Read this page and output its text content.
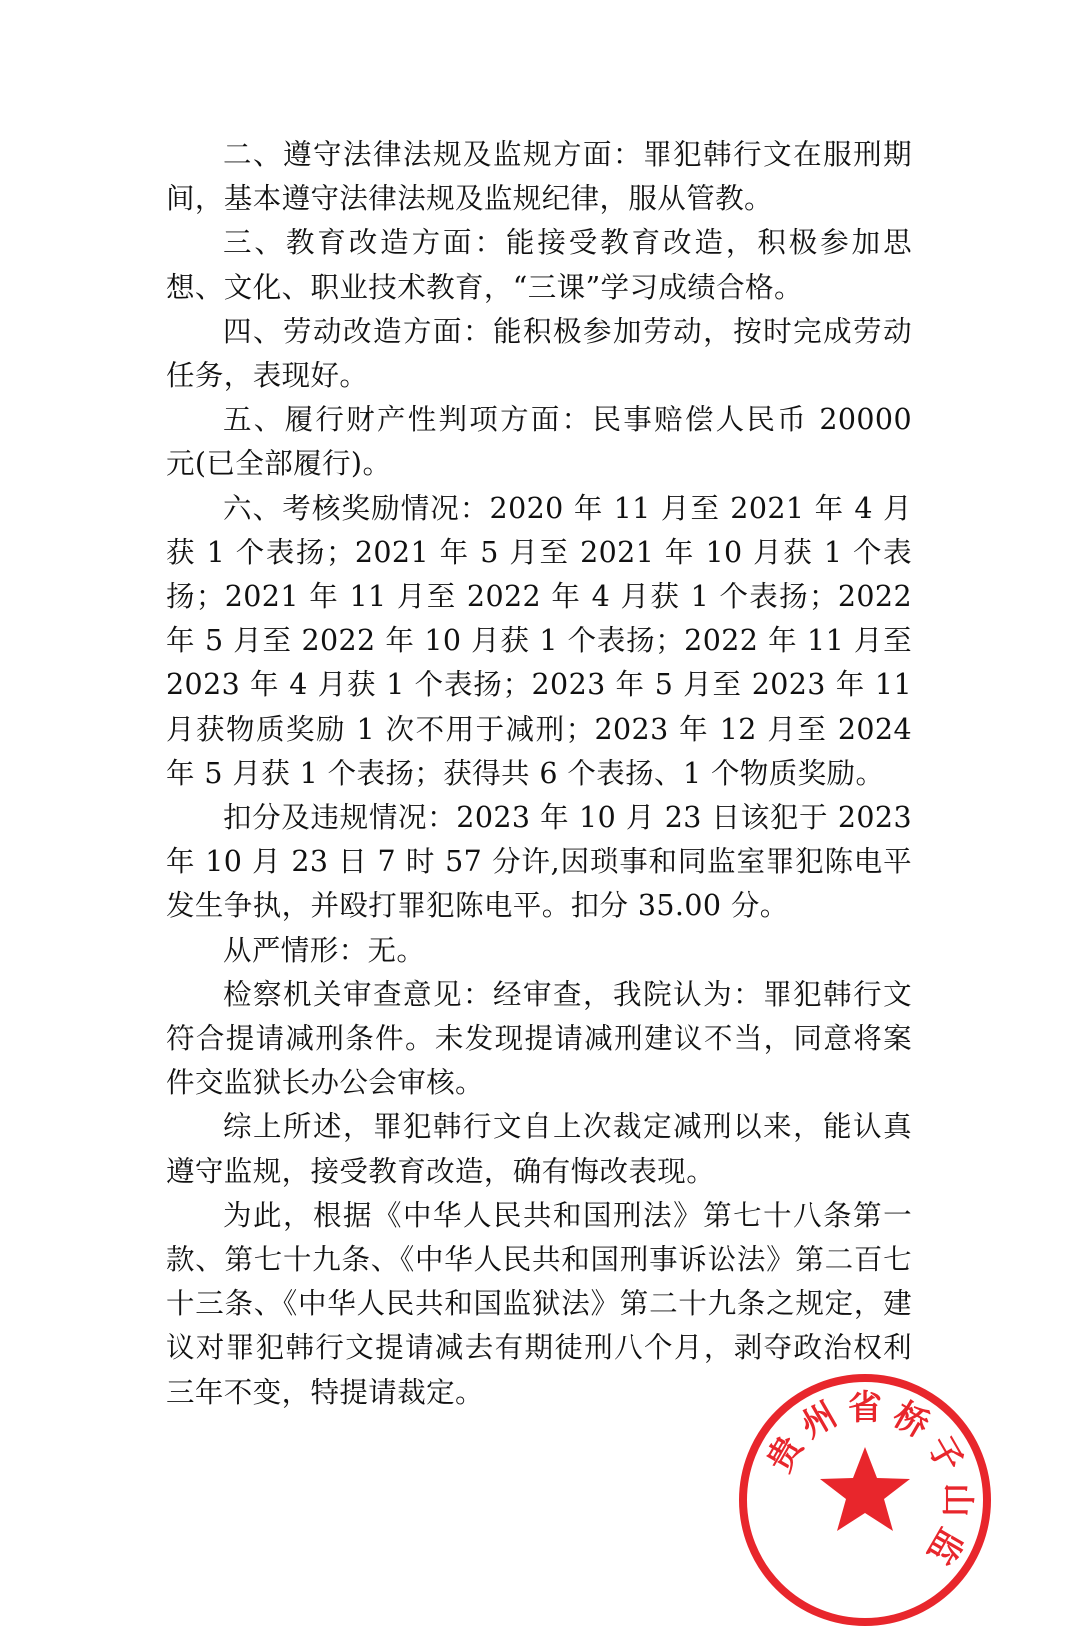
二、遵守法律法规及监规方面：罪犯韩行文在服刑期间，基本遵守法律法规及监规纪律，服从管教。

三、教育改造方面：能接受教育改造，积极参加思想、文化、职业技术教育，“三课”学习成绩合格。

四、劳动改造方面：能积极参加劳动，按时完成劳动任务，表现好。

五、履行财产性判项方面：民事赔偿人民币 20000 元(已全部履行)。

六、考核奖励情况：2020 年 11 月至 2021 年 4 月获 1 个表扬；2021 年 5 月至 2021 年 10 月获 1 个表扬；2021 年 11 月至 2022 年 4 月获 1 个表扬；2022 年 5 月至 2022 年 10 月获 1 个表扬；2022 年 11 月至 2023 年 4 月获 1 个表扬；2023 年 5 月至 2023 年 11 月获物质奖励 1 次不用于减刑；2023 年 12 月至 2024 年 5 月获 1 个表扬；获得共 6 个表扬、1 个物质奖励。

扣分及违规情况：2023 年 10 月 23 日该犯于 2023 年 10 月 23 日 7 时 57 分许,因琐事和同监室罪犯陈电平发生争执，并殴打罪犯陈电平。扣分 35.00 分。

从严情形：无。

检察机关审查意见：经审查，我院认为：罪犯韩行文符合提请减刑条件。未发现提请减刑建议不当，同意将案件交监狱长办公会审核。

综上所述，罪犯韩行文自上次裁定减刑以来，能认真遵守监规，接受教育改造，确有悔改表现。

为此，根据《中华人民共和国刑法》第七十八条第一款、第七十九条、《中华人民共和国刑事诉讼法》第二百七十三条、《中华人民共和国监狱法》第二十九条之规定，建议对罪犯韩行文提请减去有期徒刑八个月，剥夺政治权利三年不变，特提请裁定。

贵
州 省 桥
子
山
监
